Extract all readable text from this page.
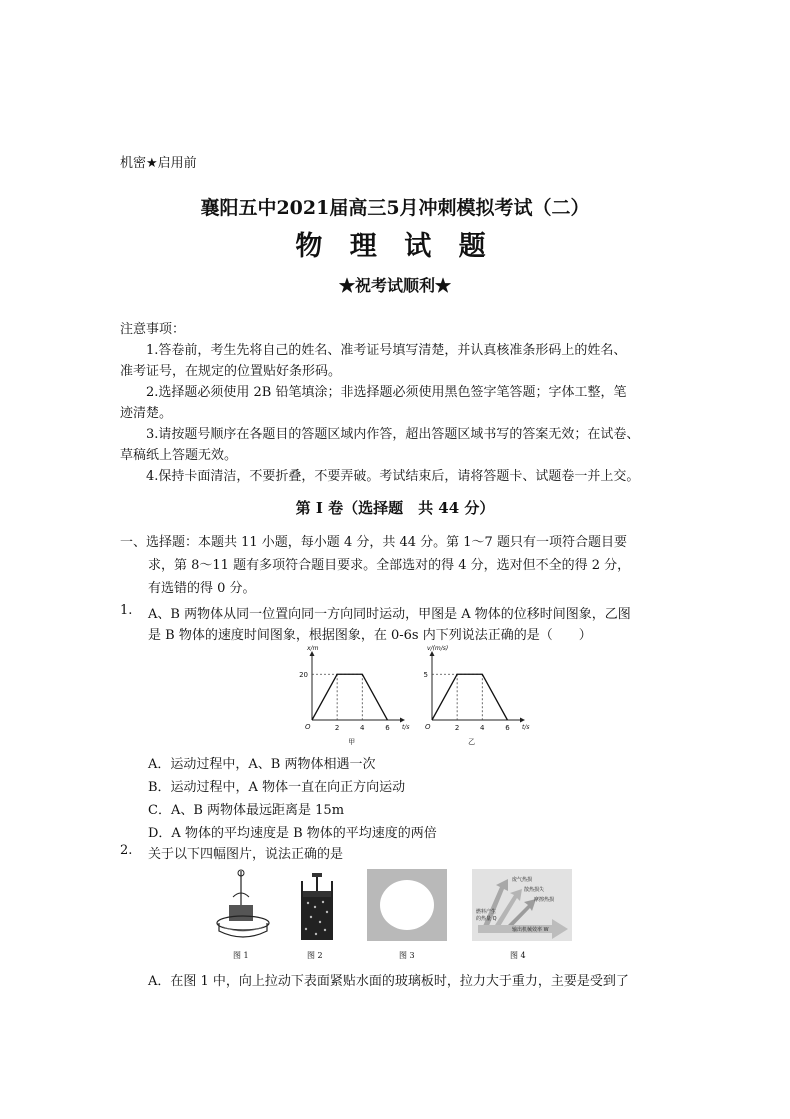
机密★启用前
襄阳五中2021届高三5月冲刺模拟考试（二）
物 理 试 题
★祝考试顺利★
注意事项：
1.答卷前，考生先将自己的姓名、准考证号填写清楚，并认真核准条形码上的姓名、
准考证号，在规定的位置贴好条形码。
2.选择题必须使用 2B 铅笔填涂；非选择题必须使用黑色签字笔答题；字体工整，笔
迹清楚。
3.请按题号顺序在各题目的答题区域内作答，超出答题区域书写的答案无效；在试卷、
草稿纸上答题无效。
4.保持卡面清洁，不要折叠，不要弄破。考试结束后，请将答题卡、试题卷一并上交。
第 I 卷（选择题　共 44 分）
一、选择题：本题共 11 小题，每小题 4 分，共 44 分。第 1～7 题只有一项符合题目要
求，第 8～11 题有多项符合题目要求。全部选对的得 4 分，选对但不全的得 2 分，
有选错的得 0 分。
1. A、B 两物体从同一位置向同一方向同时运动，甲图是 A 物体的位移时间图象，乙图
是 B 物体的速度时间图象，根据图象，在 0-6s 内下列说法正确的是（　　）
2	4	6
20
O	t/s
x/m
甲
2	4	6
5
O	t/s
v/(m/s)
乙
A．运动过程中，A、B 两物体相遇一次
B．运动过程中，A 物体一直在向正方向运动
C．A、B 两物体最远距离是 15m
D．A 物体的平均速度是 B 物体的平均速度的两倍
2. 关于以下四幅图片，说法正确的是
图 1	图 2	图 3
废气热损
散热损失
摩擦热损
燃料产生
的热量 Q
输出机械效率 W
图 4
A．在图 1 中，向上拉动下表面紧贴水面的玻璃板时，拉力大于重力，主要是受到了
